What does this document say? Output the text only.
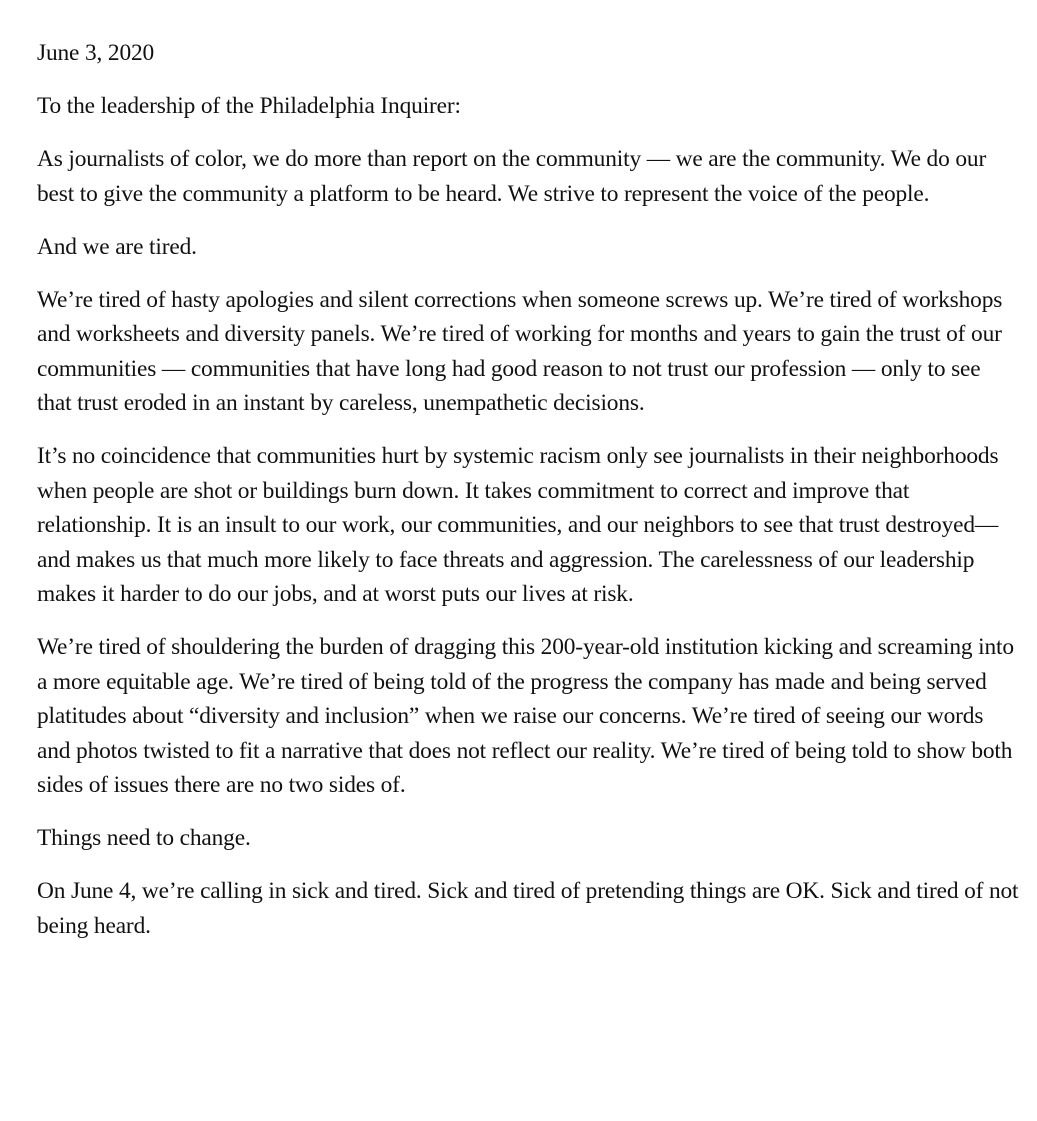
June 3, 2020

To the leadership of the Philadelphia Inquirer:

As journalists of color, we do more than report on the community — we are the community. We do our best to give the community a platform to be heard. We strive to represent the voice of the people.

And we are tired.

We’re tired of hasty apologies and silent corrections when someone screws up. We’re tired of workshops and worksheets and diversity panels. We’re tired of working for months and years to gain the trust of our communities — communities that have long had good reason to not trust our profession — only to see that trust eroded in an instant by careless, unempathetic decisions.

It’s no coincidence that communities hurt by systemic racism only see journalists in their neighborhoods when people are shot or buildings burn down. It takes commitment to correct and improve that relationship. It is an insult to our work, our communities, and our neighbors to see that trust destroyed—and makes us that much more likely to face threats and aggression. The carelessness of our leadership makes it harder to do our jobs, and at worst puts our lives at risk.

We’re tired of shouldering the burden of dragging this 200-year-old institution kicking and screaming into a more equitable age. We’re tired of being told of the progress the company has made and being served platitudes about “diversity and inclusion” when we raise our concerns. We’re tired of seeing our words and photos twisted to fit a narrative that does not reflect our reality. We’re tired of being told to show both sides of issues there are no two sides of.

Things need to change.

On June 4, we’re calling in sick and tired. Sick and tired of pretending things are OK. Sick and tired of not being heard.
